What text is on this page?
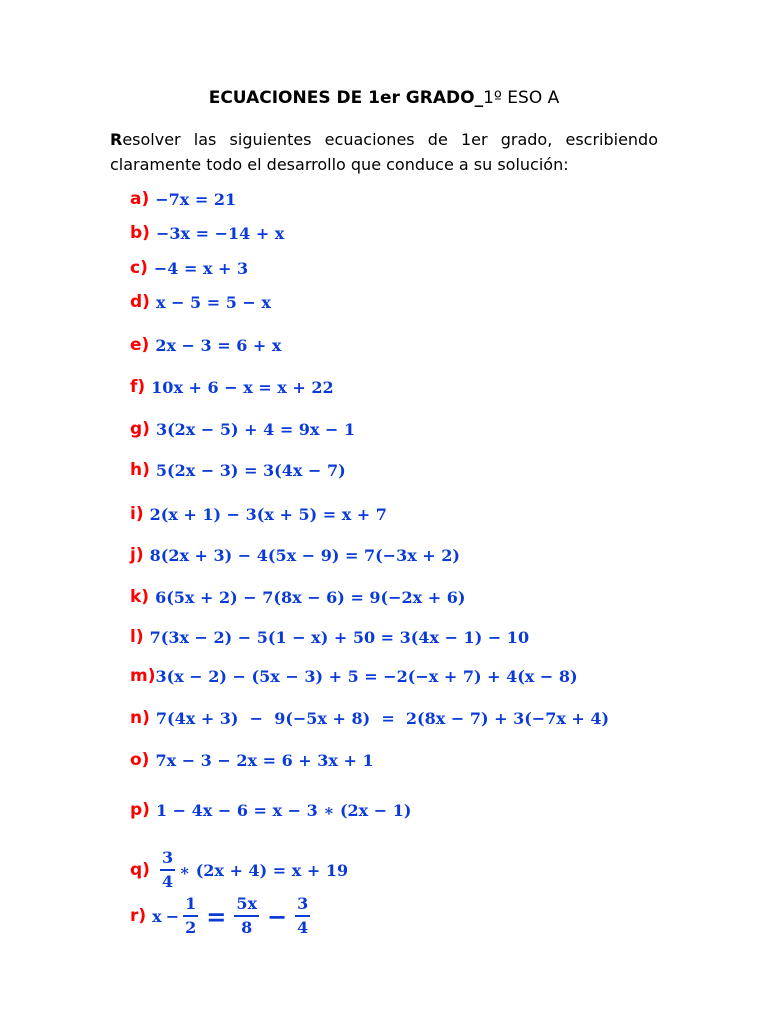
ECUACIONES DE 1er GRADO_1º ESO A
Resolver las siguientes ecuaciones de 1er grado, escribiendo claramente todo el desarrollo que conduce a su solución:
a) −7x = 21
b) −3x = −14 + x
c) −4 = x + 3
d) x − 5 = 5 − x
e) 2x − 3 = 6 + x
f) 10x + 6 − x = x + 22
g) 3(2x − 5) + 4 = 9x − 1
h) 5(2x − 3) = 3(4x − 7)
i) 2(x + 1) − 3(x + 5) = x + 7
j) 8(2x + 3) − 4(5x − 9) = 7(−3x + 2)
k) 6(5x + 2) − 7(8x − 6) = 9(−2x + 6)
l) 7(3x − 2) − 5(1 − x) + 50 = 3(4x − 1) − 10
m) 3(x − 2) − (5x − 3) + 5 = −2(−x + 7) + 4(x − 8)
n) 7(4x + 3)  −  9(−5x + 8)  =  2(8x − 7) + 3(−7x + 4)
o) 7x − 3 − 2x = 6 + 3x + 1
p) 1 − 4x − 6 = x − 3 ∗ (2x − 1)
$q) \frac{3}{4}$ ∗ (2x + 4) = x + 19
r) $x - \frac{1}{2} = \frac{5x}{8} - \frac{3}{4}$
